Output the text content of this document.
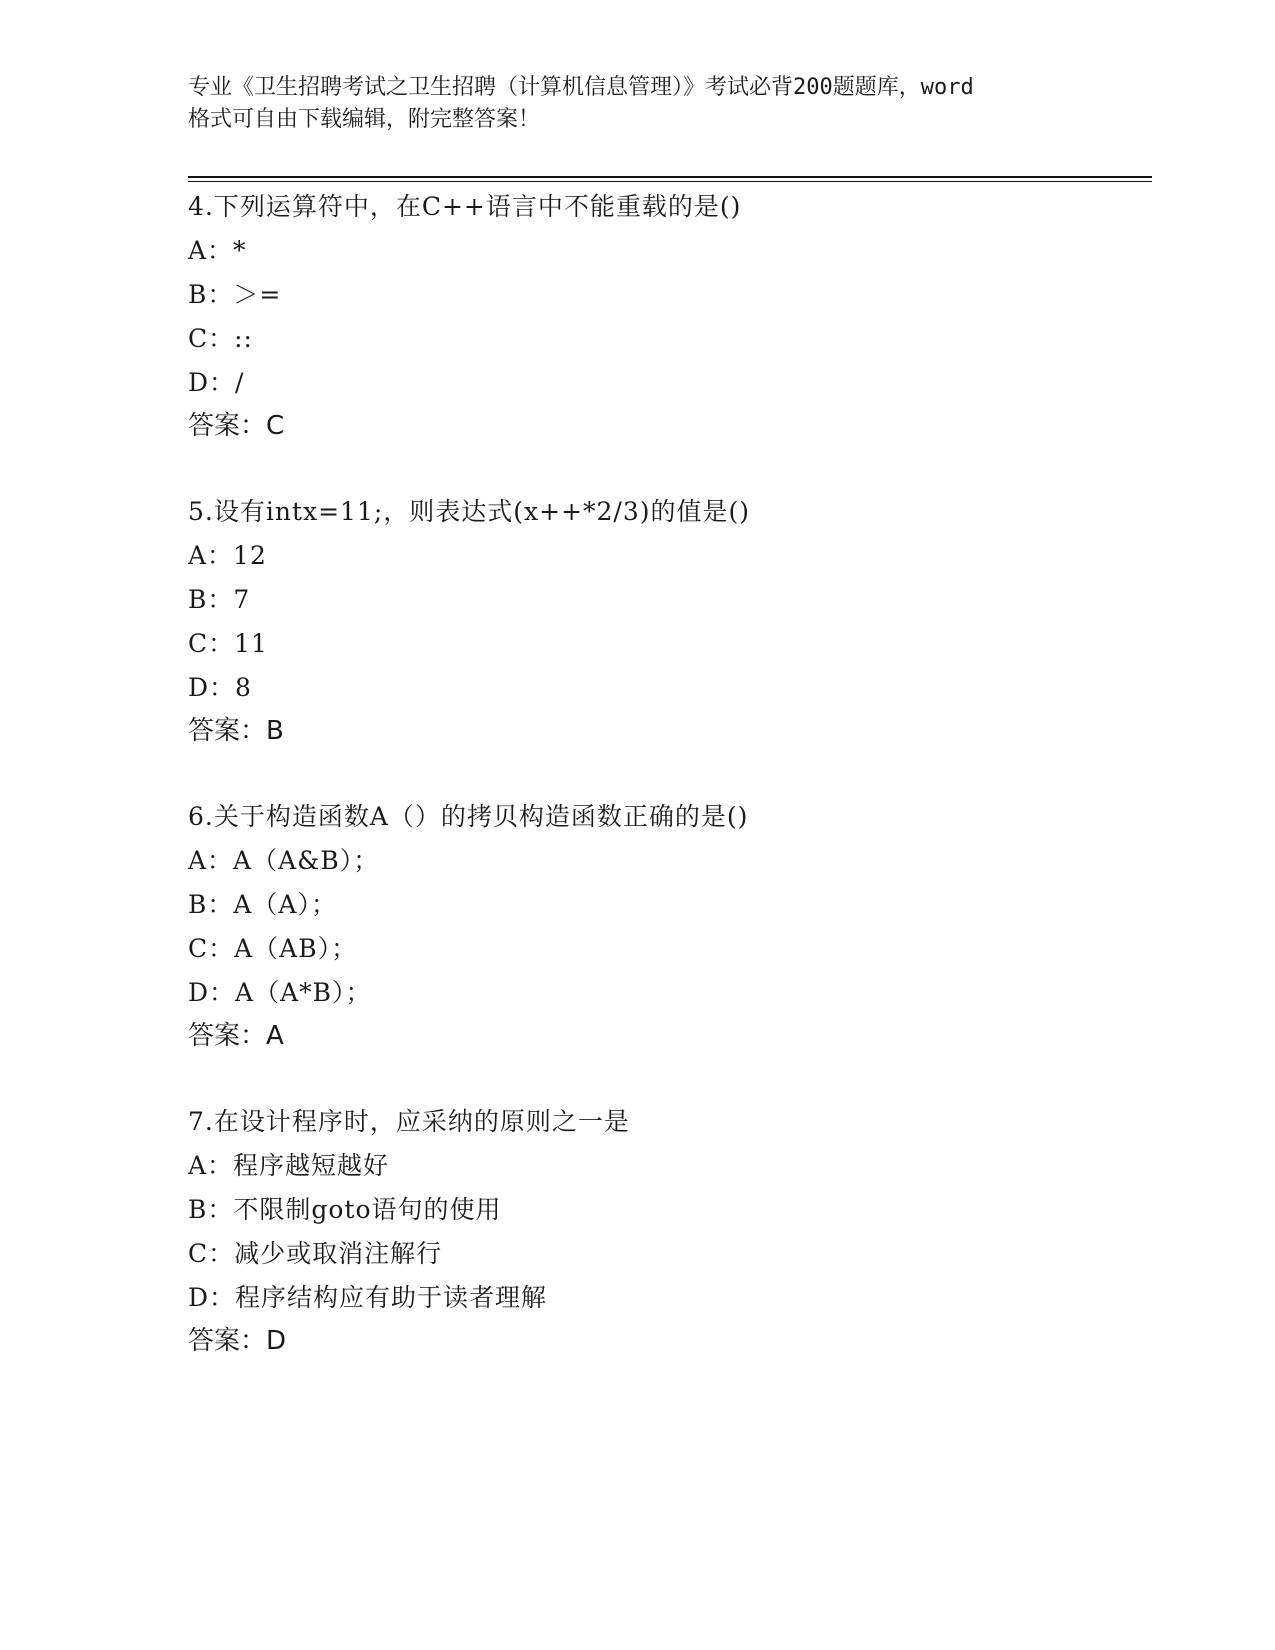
专业《卫生招聘考试之卫生招聘（计算机信息管理）》考试必背200题题库，word
格式可自由下载编辑，附完整答案！
4.下列运算符中，在C++语言中不能重载的是()
A：*
B：＞=
C：::
D：/
答案：C
5.设有intx=11;，则表达式(x++*2/3)的值是()
A：12
B：7
C：11
D：8
答案：B
6.关于构造函数A（）的拷贝构造函数正确的是()
A：A（A&B）；
B：A（A）；
C：A（AB）；
D：A（A*B）；
答案：A
7.在设计程序时，应采纳的原则之一是
A：程序越短越好
B：不限制goto语句的使用
C：减少或取消注解行
D：程序结构应有助于读者理解
答案：D
